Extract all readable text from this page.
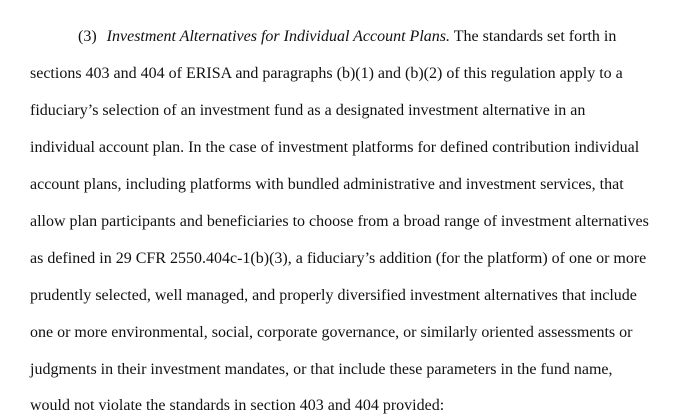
(3) Investment Alternatives for Individual Account Plans. The standards set forth in
sections 403 and 404 of ERISA and paragraphs (b)(1) and (b)(2) of this regulation apply to a
fiduciary’s selection of an investment fund as a designated investment alternative in an
individual account plan. In the case of investment platforms for defined contribution individual
account plans, including platforms with bundled administrative and investment services, that
allow plan participants and beneficiaries to choose from a broad range of investment alternatives
as defined in 29 CFR 2550.404c-1(b)(3), a fiduciary’s addition (for the platform) of one or more
prudently selected, well managed, and properly diversified investment alternatives that include
one or more environmental, social, corporate governance, or similarly oriented assessments or
judgments in their investment mandates, or that include these parameters in the fund name,
would not violate the standards in section 403 and 404 provided:
